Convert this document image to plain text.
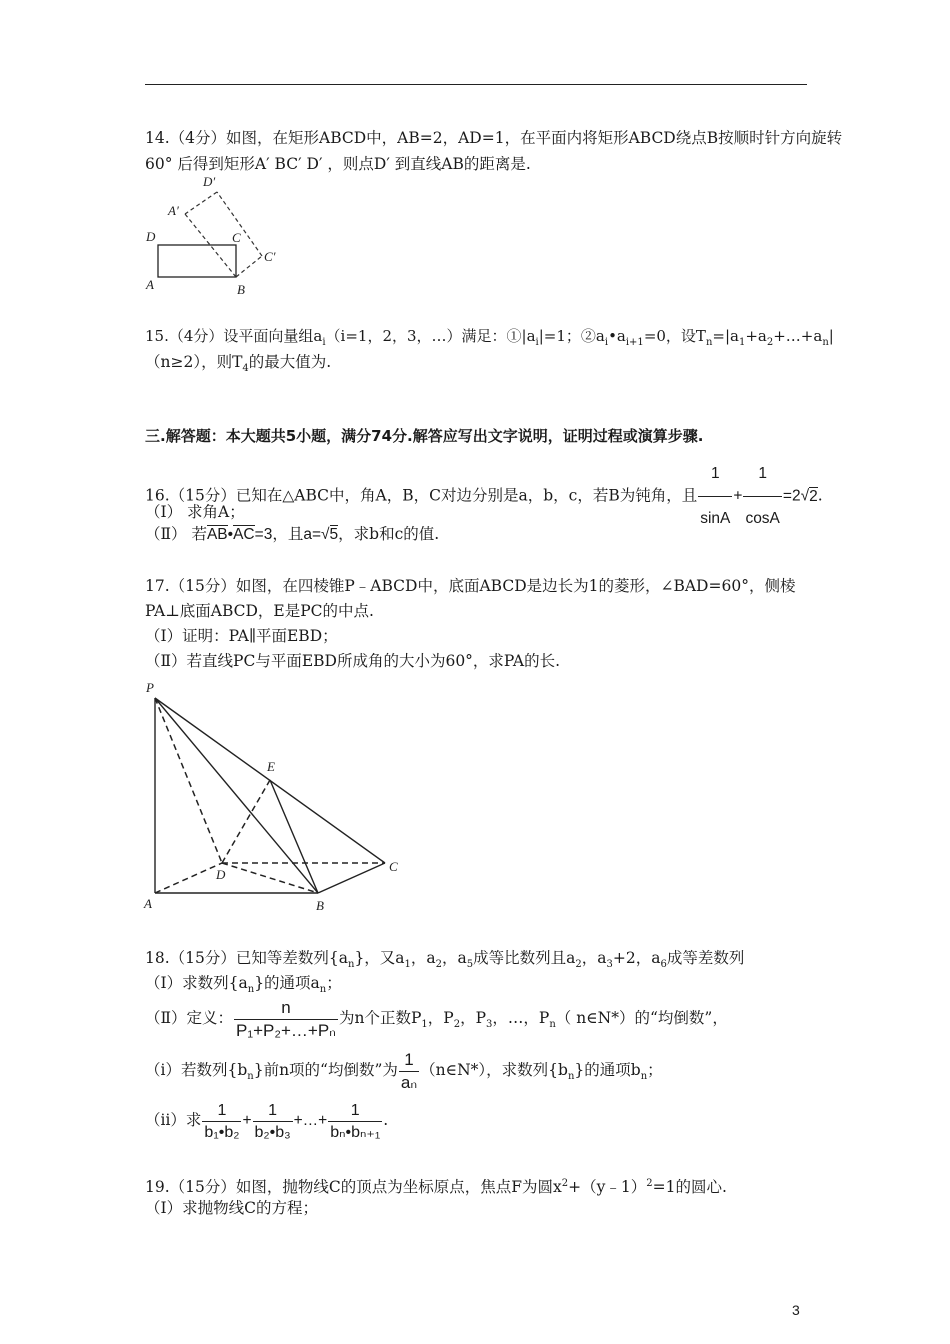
14.（4分）如图，在矩形ABCD中，AB=2，AD=1，在平面内将矩形ABCD绕点B按顺时针方向旋转
60° 后得到矩形A′ BC′ D′ ，则点D′ 到直线AB的距离是.
D′
A′
D	C
C′
A	B
15.（4分）设平面向量组$a_i(i=1$，2，3，…）满足：$①|a_i|=1$；$②a_i•a_{i+1}=0$，设$T_n=|a_1+a_2+\dots+a_n|$
（n≥2），则$T_4$的最大值为.
三.解答题：本大题共5小题，满分74分.解答应写出文字说明，证明过程或演算步骤.
16.（15分）已知在△ABC中，角A，B，C对边分别是a，b，c，若B为钝角，且 $\frac{1}{\sin A} + \frac{1}{\cos A} =2√2$.
（Ⅰ） 求角A；
（Ⅱ） 若AB•AC=3，且a=√5，求b和c的值.
17.（15分）如图，在四棱锥P﹣ABCD中，底面ABCD是边长为1的菱形，∠BAD=60°，侧棱
PA⊥底面ABCD，E是PC的中点.
（Ⅰ）证明：PA∥平面EBD；
（Ⅱ）若直线PC与平面EBD所成角的大小为60°，求PA的长.
P
E
D
C
A	B
18.（15分）已知等差数列$\{a_n\}$，又$a_1$，$a_2$，$a_5$成等比数列且$a_2$，$a_3+2$，$a_6$成等差数列
（Ⅰ）求数列$\{a_n\}$的通项$a_n$；
（Ⅱ）定义： $\frac{n}{\text{P₁+P₂+…+Pₙ}}$ 为n个正数$P_1$，$P_2$，$P_3$，…，$P_n$（ n∈N*）的“均倒数”，
（ⅰ）若数列$\{b_n\}$前n项的“均倒数”为 $\frac{1}{\text{aₙ}}$ （n∈N*），求数列$\{b_n\}$的通项$b_n$；
（ⅱ）求 $\frac{1}{\text{b₁•b₂}} + \frac{1}{\text{b₂•b₃}}$ +…+ $\frac{1}{\text{bₙ•bₙ₊₁}}$ .
19.（15分）如图，抛物线C的顶点为坐标原点，焦点F为圆$x^2+(y﹣1)^2=1$的圆心.
（Ⅰ）求抛物线C的方程；
3
